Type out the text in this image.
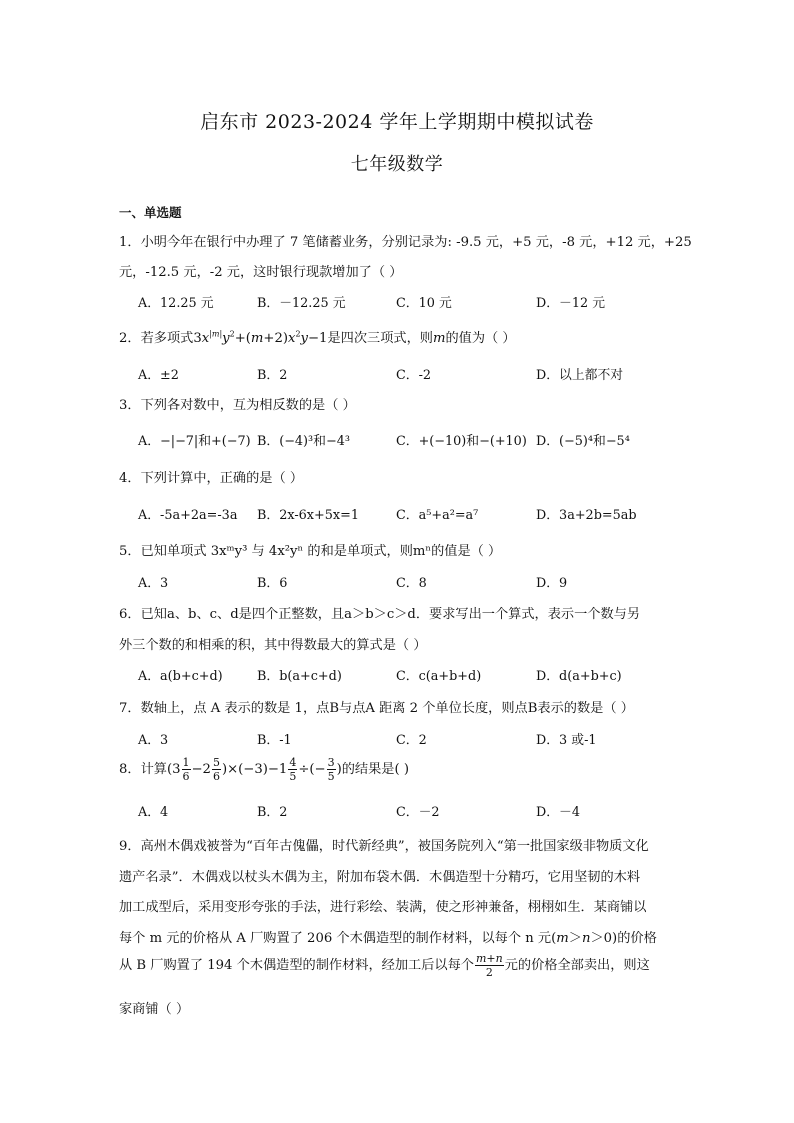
启东市 2023-2024 学年上学期期中模拟试卷
七年级数学
一、单选题
1．小明今年在银行中办理了 7 笔储蓄业务，分别记录为: -9.5 元，+5 元，-8 元，+12 元，+25
元，-12.5 元，-2 元，这时银行现款增加了（ ）
A．12.25 元	B．－12.25 元	C．10 元	D．－12 元
2．若多项式$3x^{|m|}y^2+(m+2)x^2y-1$是四次三项式，则m的值为（ ）
A．±2	B．2	C．-2	D．以上都不对
3．下列各对数中，互为相反数的是（ ）
A．−|−7|和+(−7) B．(−4)³和−4³	C．+(−10)和−(+10) D．(−5)⁴和−5⁴
4．下列计算中，正确的是（ ）
A．-5a+2a=-3a B．2x-6x+5x=1	C．a⁵+a²=a⁷	D．3a+2b=5ab
5．已知单项式 3xᵐy³ 与 4x²yⁿ 的和是单项式，则mⁿ的值是（ ）
A．3	B．6	C．8	D．9
6．已知a、b、c、d是四个正整数，且a＞b＞c＞d．要求写出一个算式，表示一个数与另
外三个数的和相乘的积，其中得数最大的算式是（ ）
A．a(b+c+d)	B．b(a+c+d)	C．c(a+b+d)	D．d(a+b+c)
7．数轴上，点 A 表示的数是 1，点B与点A 距离 2 个单位长度，则点B表示的数是（ ）
A．3	B．-1	C．2	D．3 或-1
8．计算$(3 \frac{1}{6} -2 \frac{5}{6} )\times(-3)-1 \frac{4}{5}$ ÷(− $\frac{3}{5}$ )的结果是( )
A．4	B．2	C．－2	D．－4
9．高州木偶戏被誉为“百年古傀儡，时代新经典”，被国务院列入“第一批国家级非物质文化
遗产名录”．木偶戏以杖头木偶为主，附加布袋木偶．木偶造型十分精巧，它用坚韧的木料
加工成型后，采用变形夸张的手法，进行彩绘、装满，使之形神兼备，栩栩如生．某商铺以
每个 m 元的价格从 A 厂购置了 206 个木偶造型的制作材料，以每个 n 元(m＞n＞0)的价格
从 B 厂购置了 194 个木偶造型的制作材料，经加工后以每个 $\frac{m+n}{2}$ 元的价格全部卖出，则这
家商铺（ ）
